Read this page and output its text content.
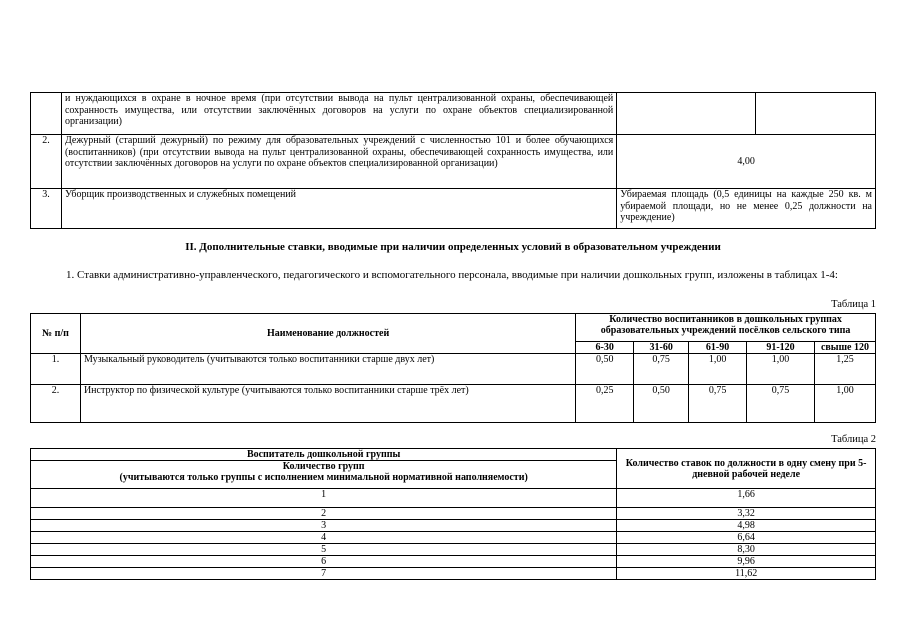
	и нуждающихся в охране в ночное время (при отсутствии вывода на пульт централизованной охраны, обеспечивающей сохранность имущества, или отсутствии заключённых договоров на услуги по охране объектов специализированной организации)		
2.	Дежурный (старший дежурный) по режиму для образовательных учреждений с численностью 101 и более обучающихся (воспитанников) (при отсутствии вывода на пульт централизованной охраны, обеспечивающей сохранность имущества, или отсутствии заключённых договоров на услуги по охране объектов специализированной организации)	4,00	
3.	Уборщик производственных и служебных помещений	Убираемая площадь (0,5 единицы на каждые 250 кв. м убираемой площади, но не менее 0,25 должности на учреждение)	
II. Дополнительные ставки, вводимые при наличии определенных условий в образовательном учреждении
1. Ставки административно-управленческого, педагогического и вспомогательного персонала, вводимые при наличии дошкольных групп, изложены в таблицах 1-4:
Таблица 1
№ п/п	Наименование должностей	Количество воспитанников в дошкольных группах образовательных учреждений посёлков сельского типа				
		6-30	31-60	61-90	91-120	свыше 120
1.	Музыкальный руководитель (учитываются только воспитанники старше двух лет)	0,50	0,75	1,00	1,00	1,25
2.	Инструктор по физической культуре (учитываются только воспитанники старше трёх лет)	0,25	0,50	0,75	0,75	1,00
Таблица 2
Воспитатель дошкольной группы	Количество ставок по должности в одну смену при 5-дневной рабочей неделе

Количество групп
(учитываются только группы с исполнением минимальной нормативной наполняемости)	

1	1,66
2	3,32
3	4,98
4	6,64
5	8,30
6	9,96
7	11,62
